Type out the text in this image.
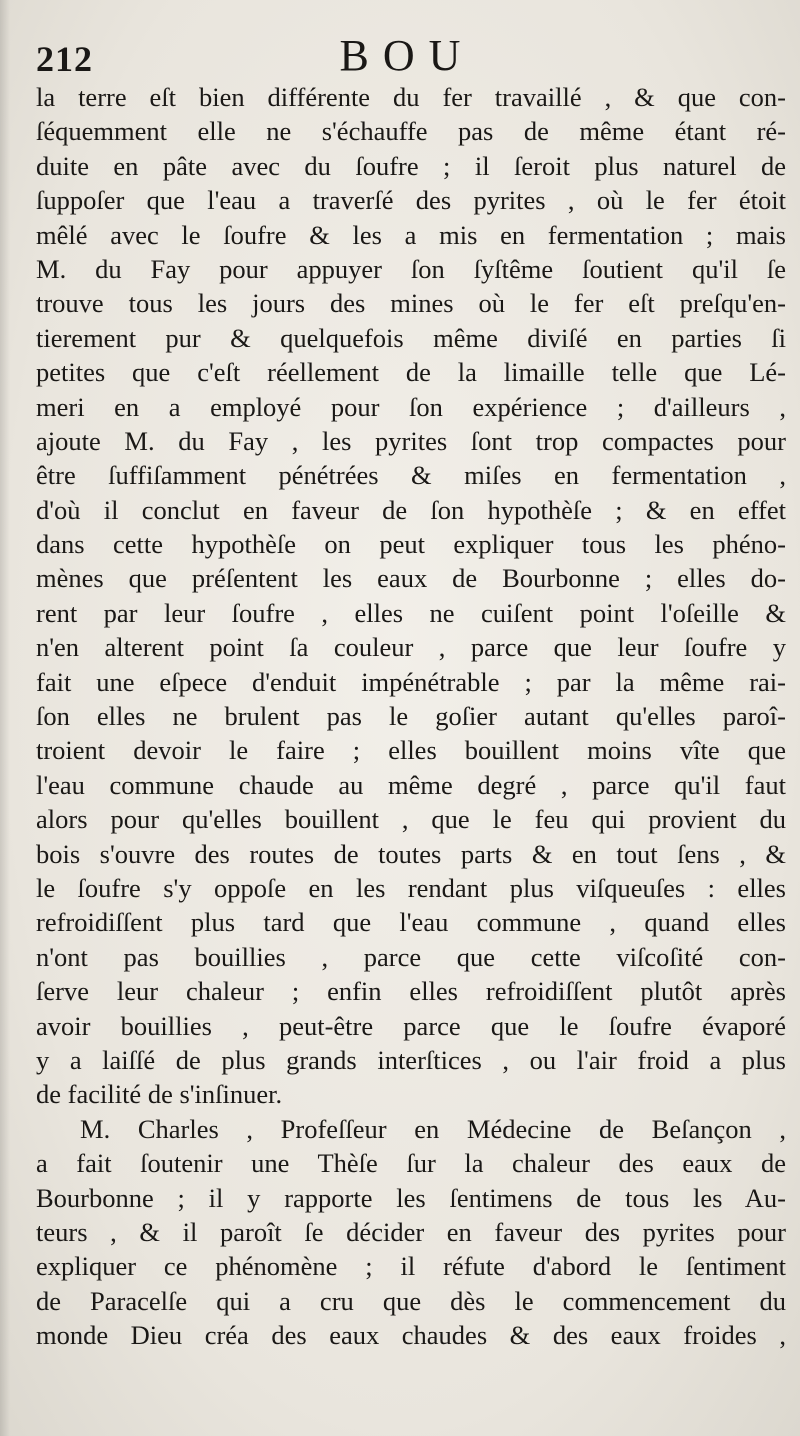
212	BOU
la terre eſt bien différente du fer travaillé , & que con-
ſéquemment elle ne s'échauffe pas de même étant ré-
duite en pâte avec du ſoufre ; il ſeroit plus naturel de
ſuppoſer que l'eau a traverſé des pyrites , où le fer étoit
mêlé avec le ſoufre & les a mis en fermentation ; mais
M. du Fay pour appuyer ſon ſyſtême ſoutient qu'il ſe
trouve tous les jours des mines où le fer eſt preſqu'en-
tierement pur & quelquefois même diviſé en parties ſi
petites que c'eſt réellement de la limaille telle que Lé-
meri en a employé pour ſon expérience ; d'ailleurs ,
ajoute M. du Fay , les pyrites ſont trop compactes pour
être ſuffiſamment pénétrées & miſes en fermentation ,
d'où il conclut en faveur de ſon hypothèſe ; & en effet
dans cette hypothèſe on peut expliquer tous les phéno-
mènes que préſentent les eaux de Bourbonne ; elles do-
rent par leur ſoufre , elles ne cuiſent point l'oſeille &
n'en alterent point ſa couleur , parce que leur ſoufre y
fait une eſpece d'enduit impénétrable ; par la même rai-
ſon elles ne brulent pas le goſier autant qu'elles paroî-
troient devoir le faire ; elles bouillent moins vîte que
l'eau commune chaude au même degré , parce qu'il faut
alors pour qu'elles bouillent , que le feu qui provient du
bois s'ouvre des routes de toutes parts & en tout ſens , &
le ſoufre s'y oppoſe en les rendant plus viſqueuſes : elles
refroidiſſent plus tard que l'eau commune , quand elles
n'ont pas bouillies , parce que cette viſcoſité con-
ſerve leur chaleur ; enfin elles refroidiſſent plutôt après
avoir bouillies , peut-être parce que le ſoufre évaporé
y a laiſſé de plus grands interſtices , ou l'air froid a plus
de facilité de s'inſinuer.
M. Charles , Profeſſeur en Médecine de Beſançon ,
a fait ſoutenir une Thèſe ſur la chaleur des eaux de
Bourbonne ; il y rapporte les ſentimens de tous les Au-
teurs , & il paroît ſe décider en faveur des pyrites pour
expliquer ce phénomène ; il réfute d'abord le ſentiment
de Paracelſe qui a cru que dès le commencement du
monde Dieu créa des eaux chaudes & des eaux froides ,
